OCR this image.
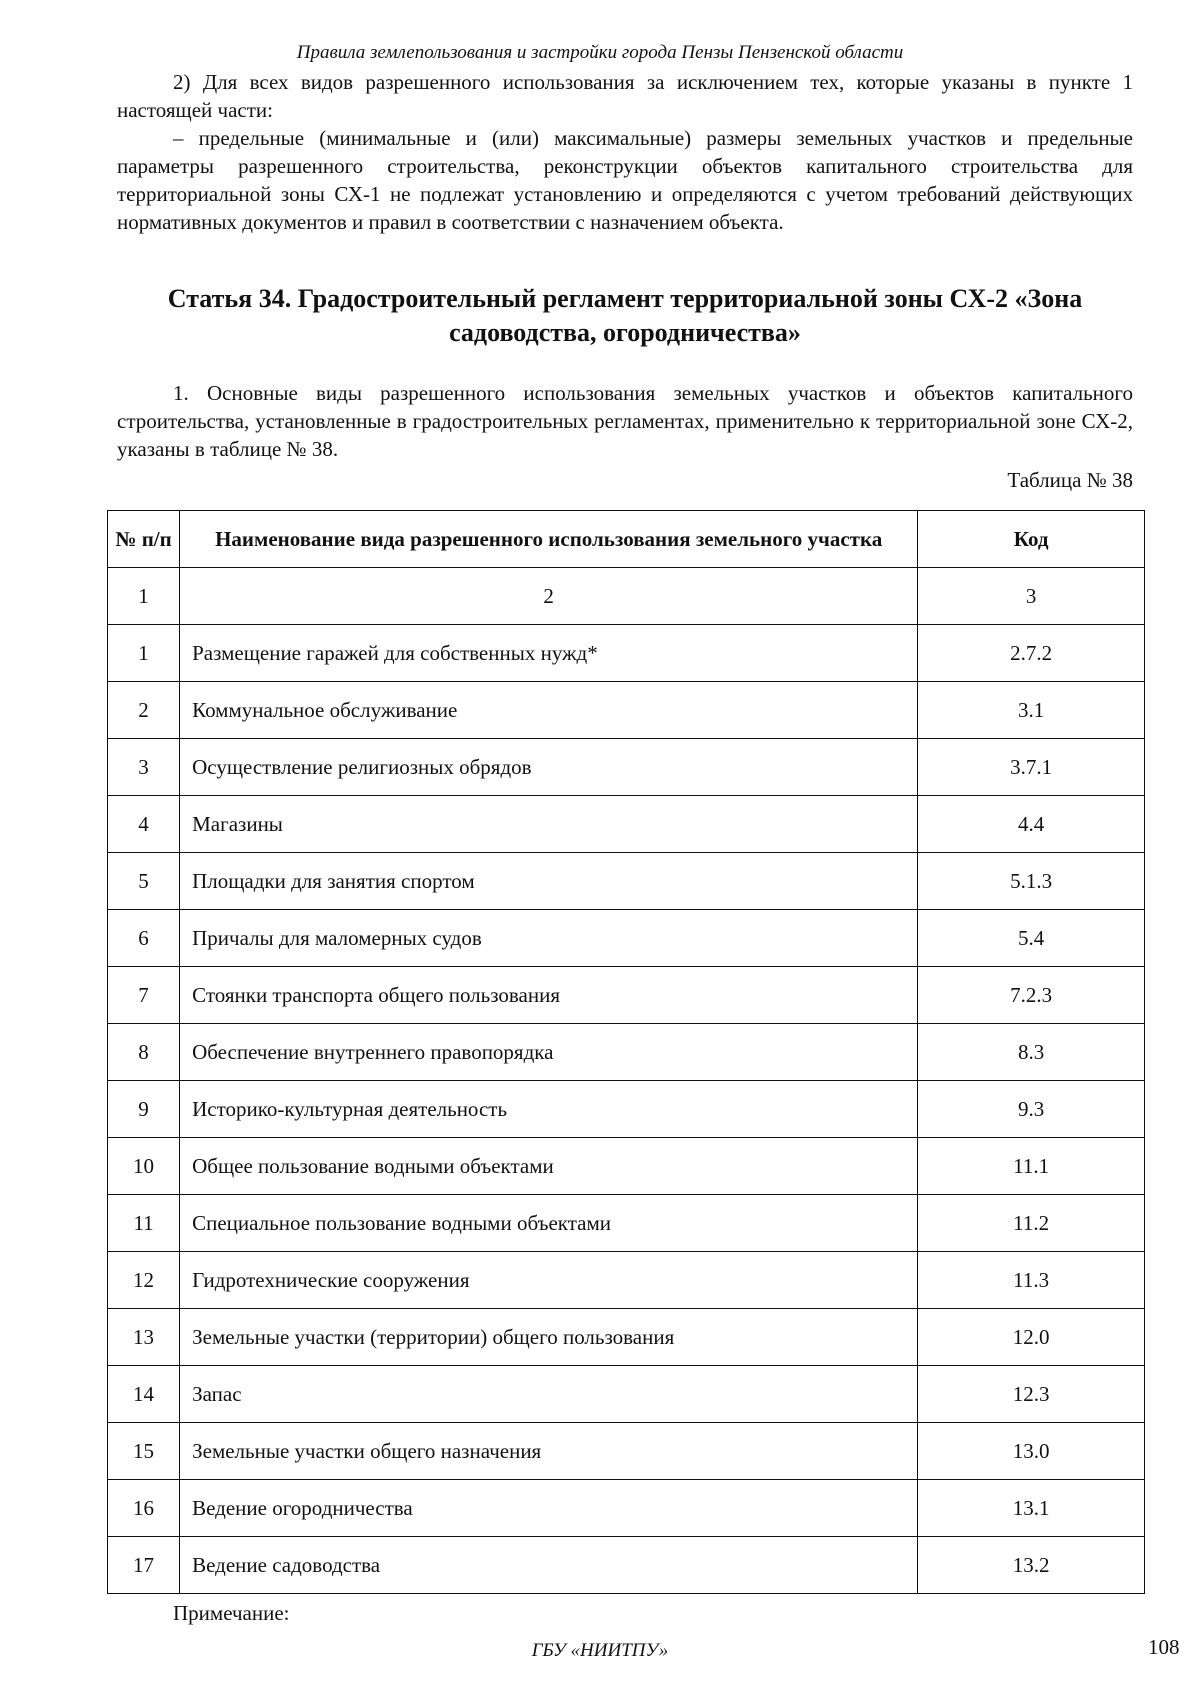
Правила землепользования и застройки города Пензы Пензенской области

2) Для всех видов разрешенного использования за исключением тех, которые указаны в пункте 1 настоящей части:

– предельные (минимальные и (или) максимальные) размеры земельных участков и предельные параметры разрешенного строительства, реконструкции объектов капитального строительства для территориальной зоны СХ-1 не подлежат установлению и определяются с учетом требований действующих нормативных документов и правил в соответствии с назначением объекта.

Статья 34. Градостроительный регламент территориальной зоны СХ-2 «Зона садоводства, огородничества»

1. Основные виды разрешенного использования земельных участков и объектов капитального строительства, установленные в градостроительных регламентах, применительно к территориальной зоне СХ-2, указаны в таблице № 38.

Таблица № 38
№ п/п	Наименование вида разрешенного использования земельного участка	Код
1	2	3
1	Размещение гаражей для собственных нужд*	2.7.2
2	Коммунальное обслуживание	3.1
3	Осуществление религиозных обрядов	3.7.1
4	Магазины	4.4
5	Площадки для занятия спортом	5.1.3
6	Причалы для маломерных судов	5.4
7	Стоянки транспорта общего пользования	7.2.3
8	Обеспечение внутреннего правопорядка	8.3
9	Историко-культурная деятельность	9.3
10	Общее пользование водными объектами	11.1
11	Специальное пользование водными объектами	11.2
12	Гидротехнические сооружения	11.3
13	Земельные участки (территории) общего пользования	12.0
14	Запас	12.3
15	Земельные участки общего назначения	13.0
16	Ведение огородничества	13.1
17	Ведение садоводства	13.2
Примечание:
ГБУ «НИИТПУ»	108
